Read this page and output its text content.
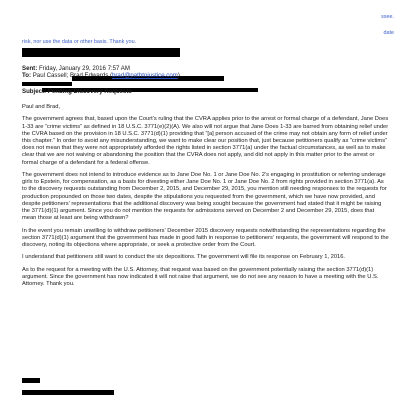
ssee.
date
risk, nor use the data or other basis. Thank you.
Sent: Friday, January 29, 2016 7:57 AM
To: Paul Cassell; Brad Edwards (brad@pathtojustice.com)
Subject: Pending Discovery Requests

Paul and Brad,

The government agrees that, based upon the Court’s ruling that the CVRA applies prior to the arrest or formal charge of a defendant, Jane Does 1-33 are “crime victims” as defined in 18 U.S.C. 3771(e)(2)(A). We also will not argue that Jane Does 1-33 are barred from obtaining relief under the CVRA based on the provision in 18 U.S.C. 3771(d)(1) providing that “[a] person accused of the crime may not obtain any form of relief under this chapter.” In order to avoid any misunderstanding, we want to make clear our position that, just because petitioners qualify as “crime victims” does not mean that they were not appropriately afforded the rights listed in section 3771(a) under the factual circumstances, as well as to make clear that we are not waiving or abandoning the position that the CVRA does not apply, and did not apply in this matter prior to the arrest or formal charge of a defendant for a federal offense.

The government does not intend to introduce evidence as to Jane Doe No. 1 or Jane Doe No. 2’s engaging in prostitution or referring underage girls to Epstein, for compensation, as a basis for divesting either Jane Doe No. 1 or Jane Doe No. 2 from rights provided in section 3771(a). As to the discovery requests outstanding from December 2, 2015, and December 29, 2015, you mention still needing responses to the requests for production propounded on those two dates, despite the stipulations you requested from the government, which we have now provided, and despite petitioners’ representations that the additional discovery was being sought because the government had stated that it might be raising the 3771(d)(1) argument. Since you do not mention the requests for admissions served on December 2 and December 29, 2015, does that mean those at least are being withdrawn?

In the event you remain unwilling to withdraw petitioners’ December 2015 discovery requests notwithstanding the representations regarding the section 3771(d)(1) argument that the government has made in good faith in response to petitioners’ requests, the government will respond to the discovery, noting its objections where appropriate, or seek a protective order from the Court.

I understand that petitioners still want to conduct the six depositions. The government will file its response on February 1, 2016.

As to the request for a meeting with the U.S. Attorney, that request was based on the government potentially raising the section 3771(d)(1) argument. Since the government has now indicated it will not raise that argument, we do not see any reason to have a meeting with the U.S. Attorney. Thank you.
